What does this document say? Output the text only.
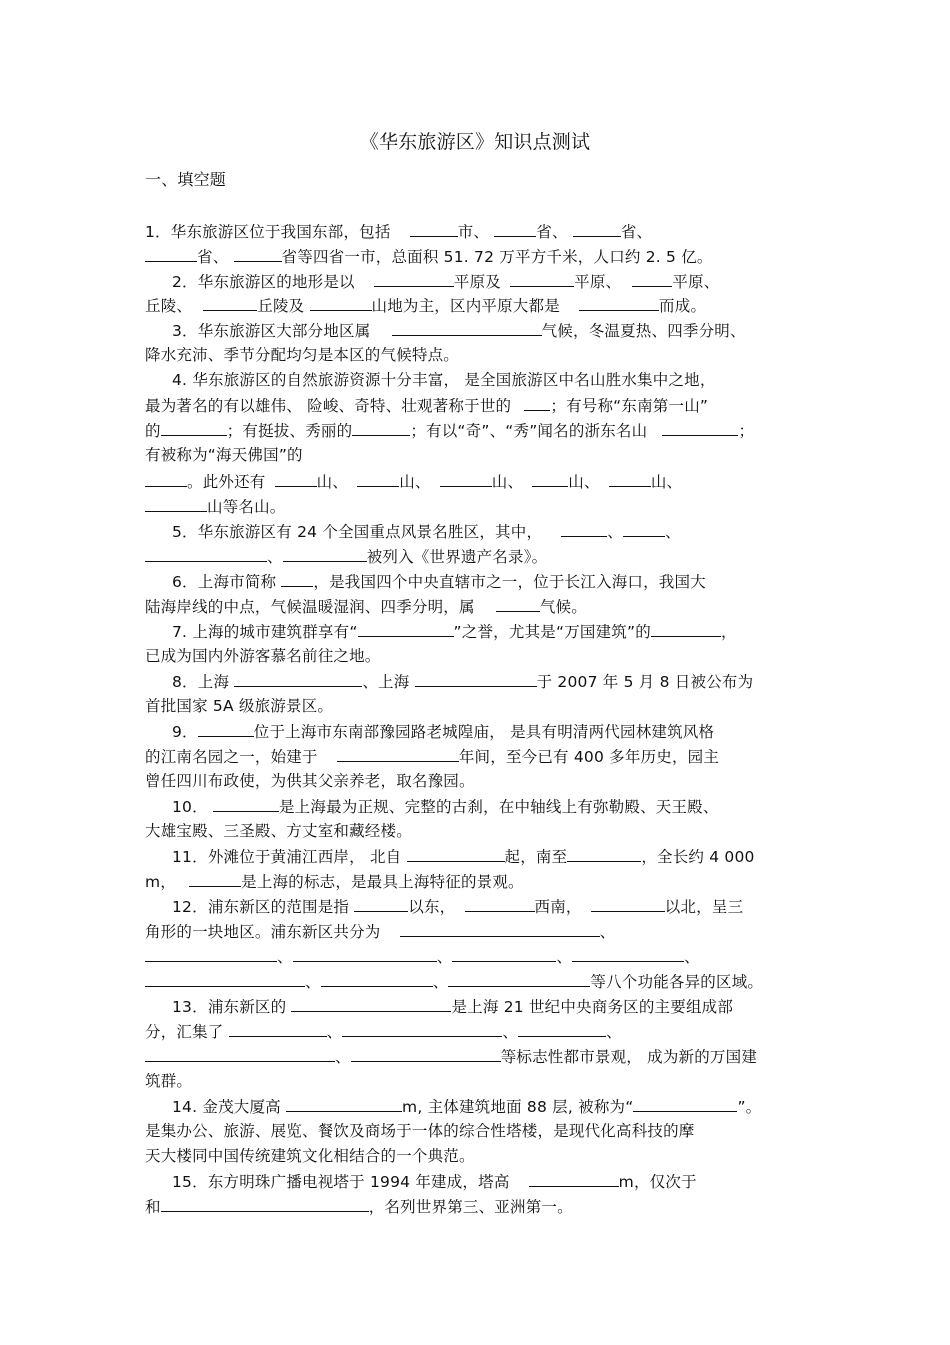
《华东旅游区》知识点测试
一、填空题
1．华东旅游区位于我国东部，包括	市、	省、	省、
省、	省等四省一市，总面积 51. 72 万平方千米，人口约 2. 5 亿。
2．华东旅游区的地形是以	平原及	平原、	平原、
丘陵、	丘陵及	山地为主，区内平原大都是	而成。
3．华东旅游区大部分地区属	气候，冬温夏热、四季分明、
降水充沛、季节分配均匀是本区的气候特点。
4. 华东旅游区的自然旅游资源十分丰富， 是全国旅游区中名山胜水集中之地，
最为著名的有以雄伟、 险峻、奇特、壮观著称于世的	；有号称“东南第一山”
的	；有挺拔、秀丽的	；有以“奇”、“秀”闻名的浙东名山	；
有被称为“海天佛国”的
。此外还有	山、	山、	山、	山、	山、
山等名山。
5．华东旅游区有 24 个全国重点风景名胜区，其中，	、	、
、	被列入《世界遗产名录》。
6．上海市简称 ，是我国四个中央直辖市之一，位于长江入海口，我国大
陆海岸线的中点，气候温暖湿润、四季分明，属	气候。
7. 上海的城市建筑群享有“	”之誉，尤其是“万国建筑”的	，
已成为国内外游客慕名前往之地。
8．上海	、上海	于 2007 年 5 月 8 日被公布为
首批国家 5A 级旅游景区。
9．	位于上海市东南部豫园路老城隍庙， 是具有明清两代园林建筑风格
的江南名园之一，始建于	年间，至今已有 400 多年历史，园主
曾任四川布政使，为供其父亲养老，取名豫园。
10．	是上海最为正规、完整的古刹，在中轴线上有弥勒殿、天王殿、
大雄宝殿、三圣殿、方丈室和藏经楼。
11．外滩位于黄浦江西岸， 北自	起，南至	，全长约 4 000
m，	是上海的标志，是最具上海特征的景观。
12．浦东新区的范围是指	以东，	西南，	以北，呈三
角形的一块地区。浦东新区共分为	、
、	、	、	、
、	、	等八个功能各异的区域。
13．浦东新区的	是上海 21 世纪中央商务区的主要组成部
分，汇集了	、	、	、
、	等标志性都市景观， 成为新的万国建
筑群。
14. 金茂大厦高	m, 主体建筑地面 88 层, 被称为“	”。
是集办公、旅游、展览、餐饮及商场于一体的综合性塔楼，是现代化高科技的摩
天大楼同中国传统建筑文化相结合的一个典范。
15．东方明珠广播电视塔于 1994 年建成，塔高	m，仅次于
和	，名列世界第三、亚洲第一。
